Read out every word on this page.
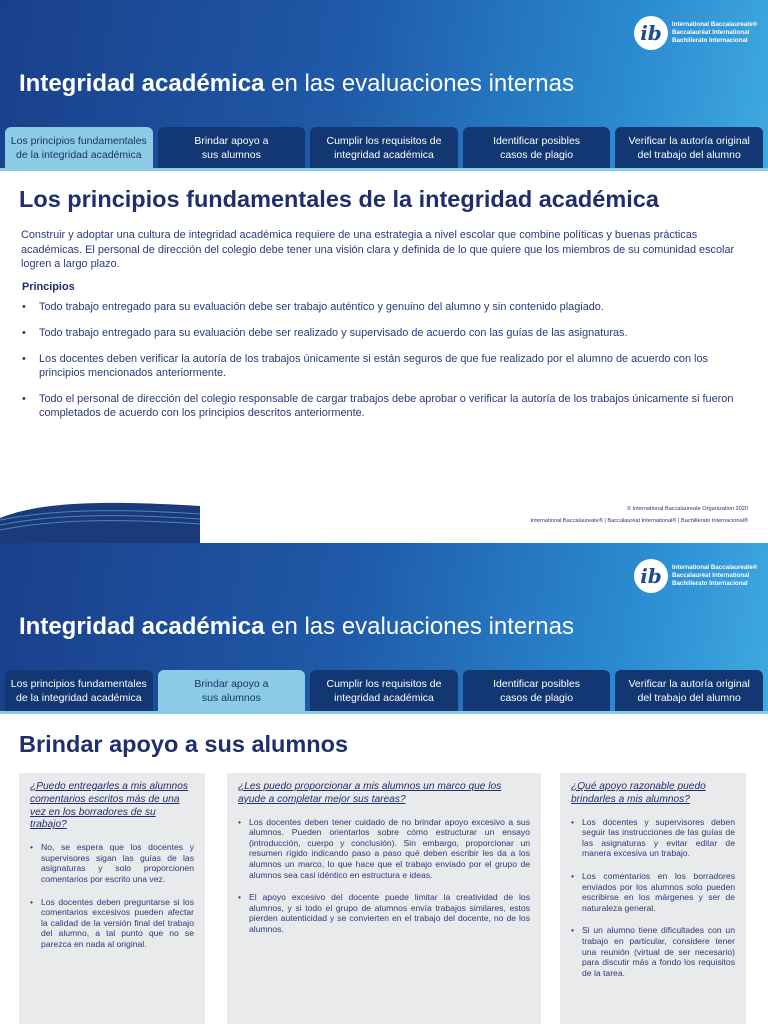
ib	International Baccalaureate®
Baccalauréat International
Bachillerato Internacional
Integridad académica en las evaluaciones internas
Los principios fundamentales
de la integridad académica
Brindar apoyo a
sus alumnos
Cumplir los requisitos de
integridad académica
Identificar posibles
casos de plagio
Verificar la autoría original
del trabajo del alumno
Los principios fundamentales de la integridad académica
Construir y adoptar una cultura de integridad académica requiere de una estrategia a nivel escolar que combine políticas y buenas prácticas académicas. El personal de dirección del colegio debe tener una visión clara y definida de lo que quiere que los miembros de su comunidad escolar logren a largo plazo.
Principios
• Todo trabajo entregado para su evaluación debe ser trabajo auténtico y genuino del alumno y sin contenido plagiado.
• Todo trabajo entregado para su evaluación debe ser realizado y supervisado de acuerdo con las guías de las asignaturas.
• Los docentes deben verificar la autoría de los trabajos únicamente si están seguros de que fue realizado por el alumno de acuerdo con los principios mencionados anteriormente.
• Todo el personal de dirección del colegio responsable de cargar trabajos debe aprobar o verificar la autoría de los trabajos únicamente si fueron completados de acuerdo con los principios descritos anteriormente.
© International Baccalaureate Organization 2020
International Baccalaureate® | Baccalauréat International® | Bachillerato Internacional®
ib	International Baccalaureate®
Baccalauréat International
Bachillerato Internacional
Integridad académica en las evaluaciones internas
Los principios fundamentales
de la integridad académica
Brindar apoyo a
sus alumnos
Cumplir los requisitos de
integridad académica
Identificar posibles
casos de plagio
Verificar la autoría original
del trabajo del alumno
Brindar apoyo a sus alumnos
¿Puedo entregarles a mis alumnos comentarios escritos más de una vez en los borradores de su trabajo?
• No, se espera que los docentes y supervisores sigan las guías de las asignaturas y solo proporcionen comentarios por escrito una vez.
• Los docentes deben preguntarse si los comentarios excesivos pueden afectar la calidad de la versión final del trabajo del alumno, a tal punto que no se parezca en nada al original.
¿Les puedo proporcionar a mis alumnos un marco que los ayude a completar mejor sus tareas?
• Los docentes deben tener cuidado de no brindar apoyo excesivo a sus alumnos. Pueden orientarlos sobre cómo estructurar un ensayo (introducción, cuerpo y conclusión). Sin embargo, proporcionar un resumen rígido indicando paso a paso qué deben escribir les da a los alumnos un marco, lo que hace que el trabajo enviado por el grupo de alumnos sea casi idéntico en estructura e ideas.
• El apoyo excesivo del docente puede limitar la creatividad de los alumnos, y si todo el grupo de alumnos envía trabajos similares, estos pierden autenticidad y se convierten en el trabajo del docente, no de los alumnos.
¿Qué apoyo razonable puedo brindarles a mis alumnos?
• Los docentes y supervisores deben seguir las instrucciones de las guías de las asignaturas y evitar editar de manera excesiva un trabajo.
• Los comentarios en los borradores enviados por los alumnos solo pueden escribirse en los márgenes y ser de naturaleza general.
• Si un alumno tiene dificultades con un trabajo en particular, considere tener una reunión (virtual de ser necesario) para discutir más a fondo los requisitos de la tarea.
